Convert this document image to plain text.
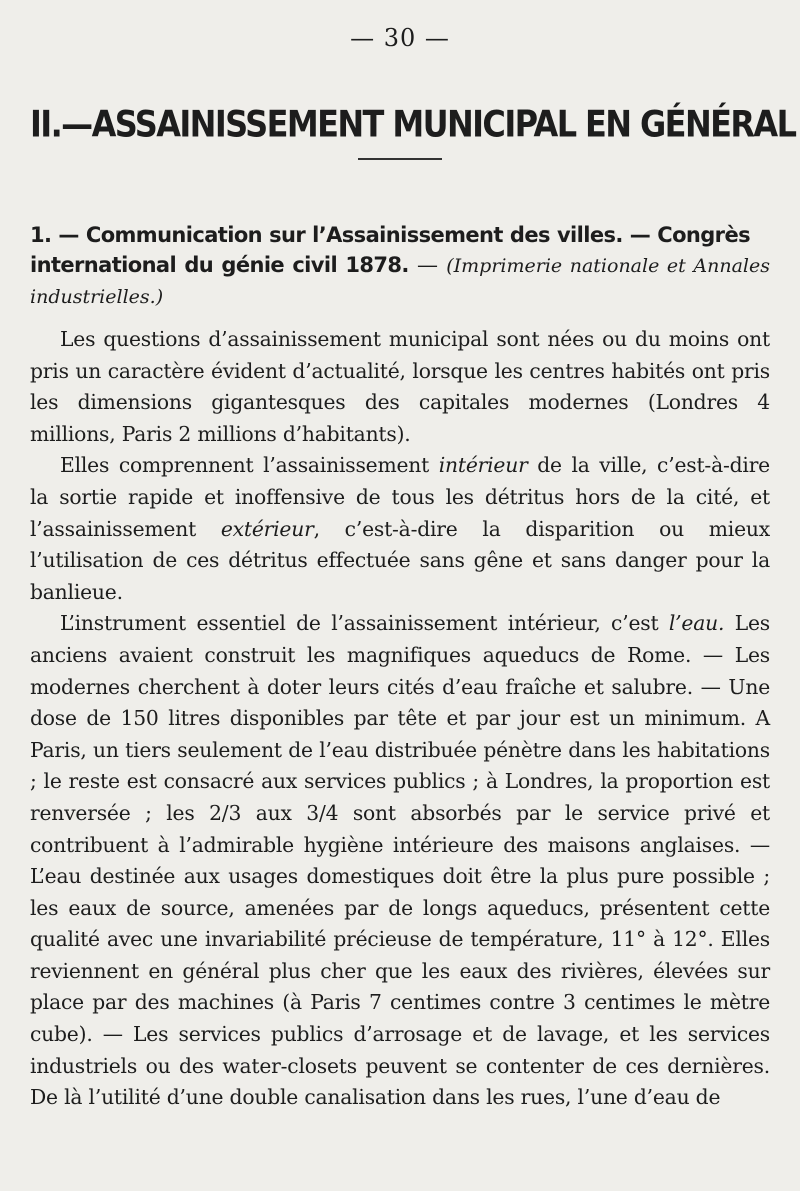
— 30 —
II.—ASSAINISSEMENT MUNICIPAL EN GÉNÉRAL
1. — Communication sur l’Assainissement des villes. — Congrès international du génie civil 1878. — (Imprimerie nationale et Annales industrielles.)

Les questions d’assainissement municipal sont nées ou du moins ont pris un caractère évident d’actualité, lorsque les centres habités ont pris les dimensions gigantesques des capitales modernes (Londres 4 millions, Paris 2 millions d’habitants).

Elles comprennent l’assainissement intérieur de la ville, c’est-à-dire la sortie rapide et inoffensive de tous les détritus hors de la cité, et l’assainissement extérieur, c’est-à-dire la disparition ou mieux l’utilisation de ces détritus effectuée sans gêne et sans danger pour la banlieue.

L’instrument essentiel de l’assainissement intérieur, c’est l’eau. Les anciens avaient construit les magnifiques aqueducs de Rome. — Les modernes cherchent à doter leurs cités d’eau fraîche et salubre. — Une dose de 150 litres disponibles par tête et par jour est un minimum. A Paris, un tiers seulement de l’eau distribuée pénètre dans les habitations ; le reste est consacré aux services publics ; à Londres, la proportion est renversée ; les 2/3 aux 3/4 sont absorbés par le service privé et contribuent à l’admirable hygiène intérieure des maisons anglaises. — L’eau destinée aux usages domestiques doit être la plus pure possible ; les eaux de source, amenées par de longs aqueducs, présentent cette qualité avec une invariabilité précieuse de température, 11° à 12°. Elles reviennent en général plus cher que les eaux des rivières, élevées sur place par des machines (à Paris 7 centimes contre 3 centimes le mètre cube). — Les services publics d’arrosage et de lavage, et les services industriels ou des water-closets peuvent se contenter de ces dernières. De là l’utilité d’une double canalisation dans les rues, l’une d’eau de
